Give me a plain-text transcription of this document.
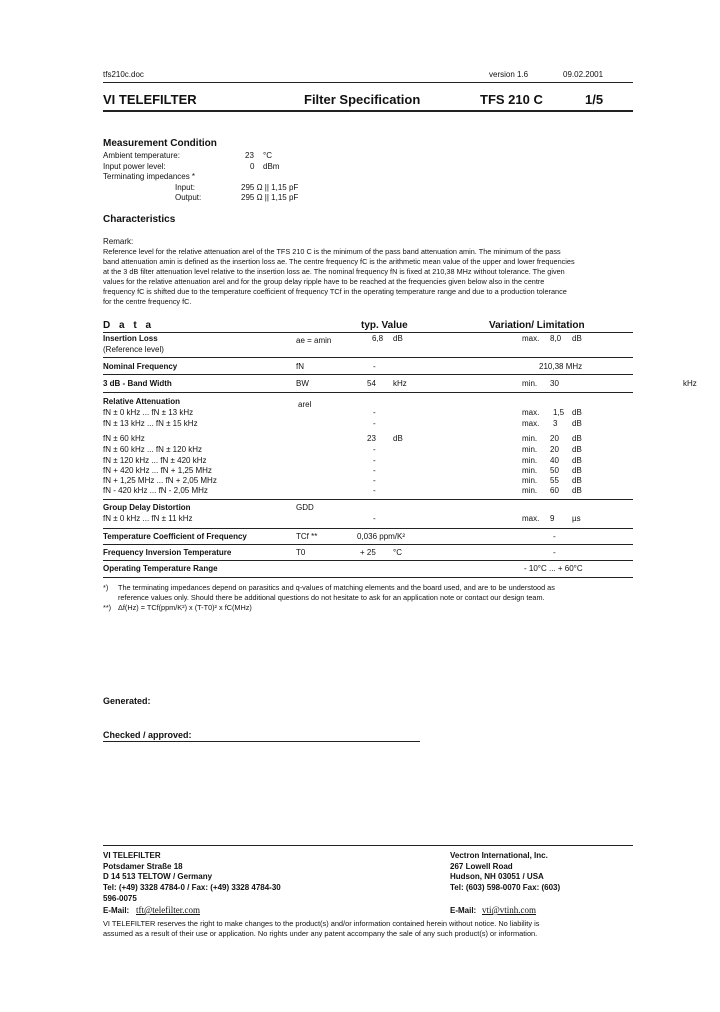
tfs210c.doc	version 1.6	09.02.2001
VI TELEFILTER	Filter Specification	TFS 210 C	1/5
Measurement Condition
Ambient temperature:	23 °C
Input power level:	0 dBm
Terminating impedances *
Input:	295 Ω || 1,15 pF
Output:	295 Ω || 1,15 pF
Characteristics
Remark:
Reference level for the relative attenuation arel of the TFS 210 C is the minimum of the pass band attenuation amin. The minimum of the pass
band attenuation amin is defined as the insertion loss ae. The centre frequency fC is the arithmetic mean value of the upper and lower frequencies
at the 3 dB filter attenuation level relative to the insertion loss ae. The nominal frequency fN is fixed at 210,38 MHz without tolerance. The given
values for the relative attenuation arel and for the group delay ripple have to be reached at the frequencies given below also in the centre
frequency fC is shifted due to the temperature coefficient of frequency TCf in the operating temperature range and due to a production tolerance
for the centre frequency fC.
D a t a	typ. Value	Variation/ Limitation
Insertion Loss
(Reference level)
ae = amin	6,8 dB	max. 8,0 dB
Nominal Frequency	fN	-	210,38 MHz
3 dB - Band Width	BW	54 kHz	min. 30	kHz
Relative Attenuation	arel
fN ± 0 kHz ... fN ± 13 kHz	-	max. 1,5 dB
fN ± 13 kHz ... fN ± 15 kHz	-	max. 3 dB
fN ± 60 kHz	23 dB	min. 20 dB
fN ± 60 kHz ... fN ± 120 kHz	-	min. 20 dB
fN ± 120 kHz ... fN ± 420 kHz	-	min. 40 dB
fN + 420 kHz ... fN + 1,25 MHz	-	min. 50 dB
fN + 1,25 MHz ... fN + 2,05 MHz	-	min. 55 dB
fN - 420 kHz ... fN - 2,05 MHz	-	min. 60 dB
Group Delay Distortion	GDD
fN ± 0 kHz ... fN ± 11 kHz	-	max. 9 µs
Temperature Coefficient of Frequency	TCf **	0,036 ppm/K²	-
Frequency Inversion Temperature	T0	+ 25 °C	-
Operating Temperature Range	- 10°C ... + 60°C
*) The terminating impedances depend on parasitics and q-values of matching elements and the board used, and are to be understood as
reference values only. Should there be additional questions do not hesitate to ask for an application note or contact our design team.
**) Δf(Hz) = TCf(ppm/K²) x (T-T0)² x fC(MHz)
Generated:
Checked / approved:
VI TELEFILTER
Potsdamer Straße 18
D 14 513 TELTOW / Germany
Tel: (+49) 3328 4784-0 / Fax: (+49) 3328 4784-30
596-0075
E-Mail: tft@telefilter.com
Vectron International, Inc.
267 Lowell Road
Hudson, NH 03051 / USA
Tel: (603) 598-0070 Fax: (603)
E-Mail: vti@vtinh.com
VI TELEFILTER reserves the right to make changes to the product(s) and/or information contained herein without notice. No liability is
assumed as a result of their use or application. No rights under any patent accompany the sale of any such product(s) or information.
